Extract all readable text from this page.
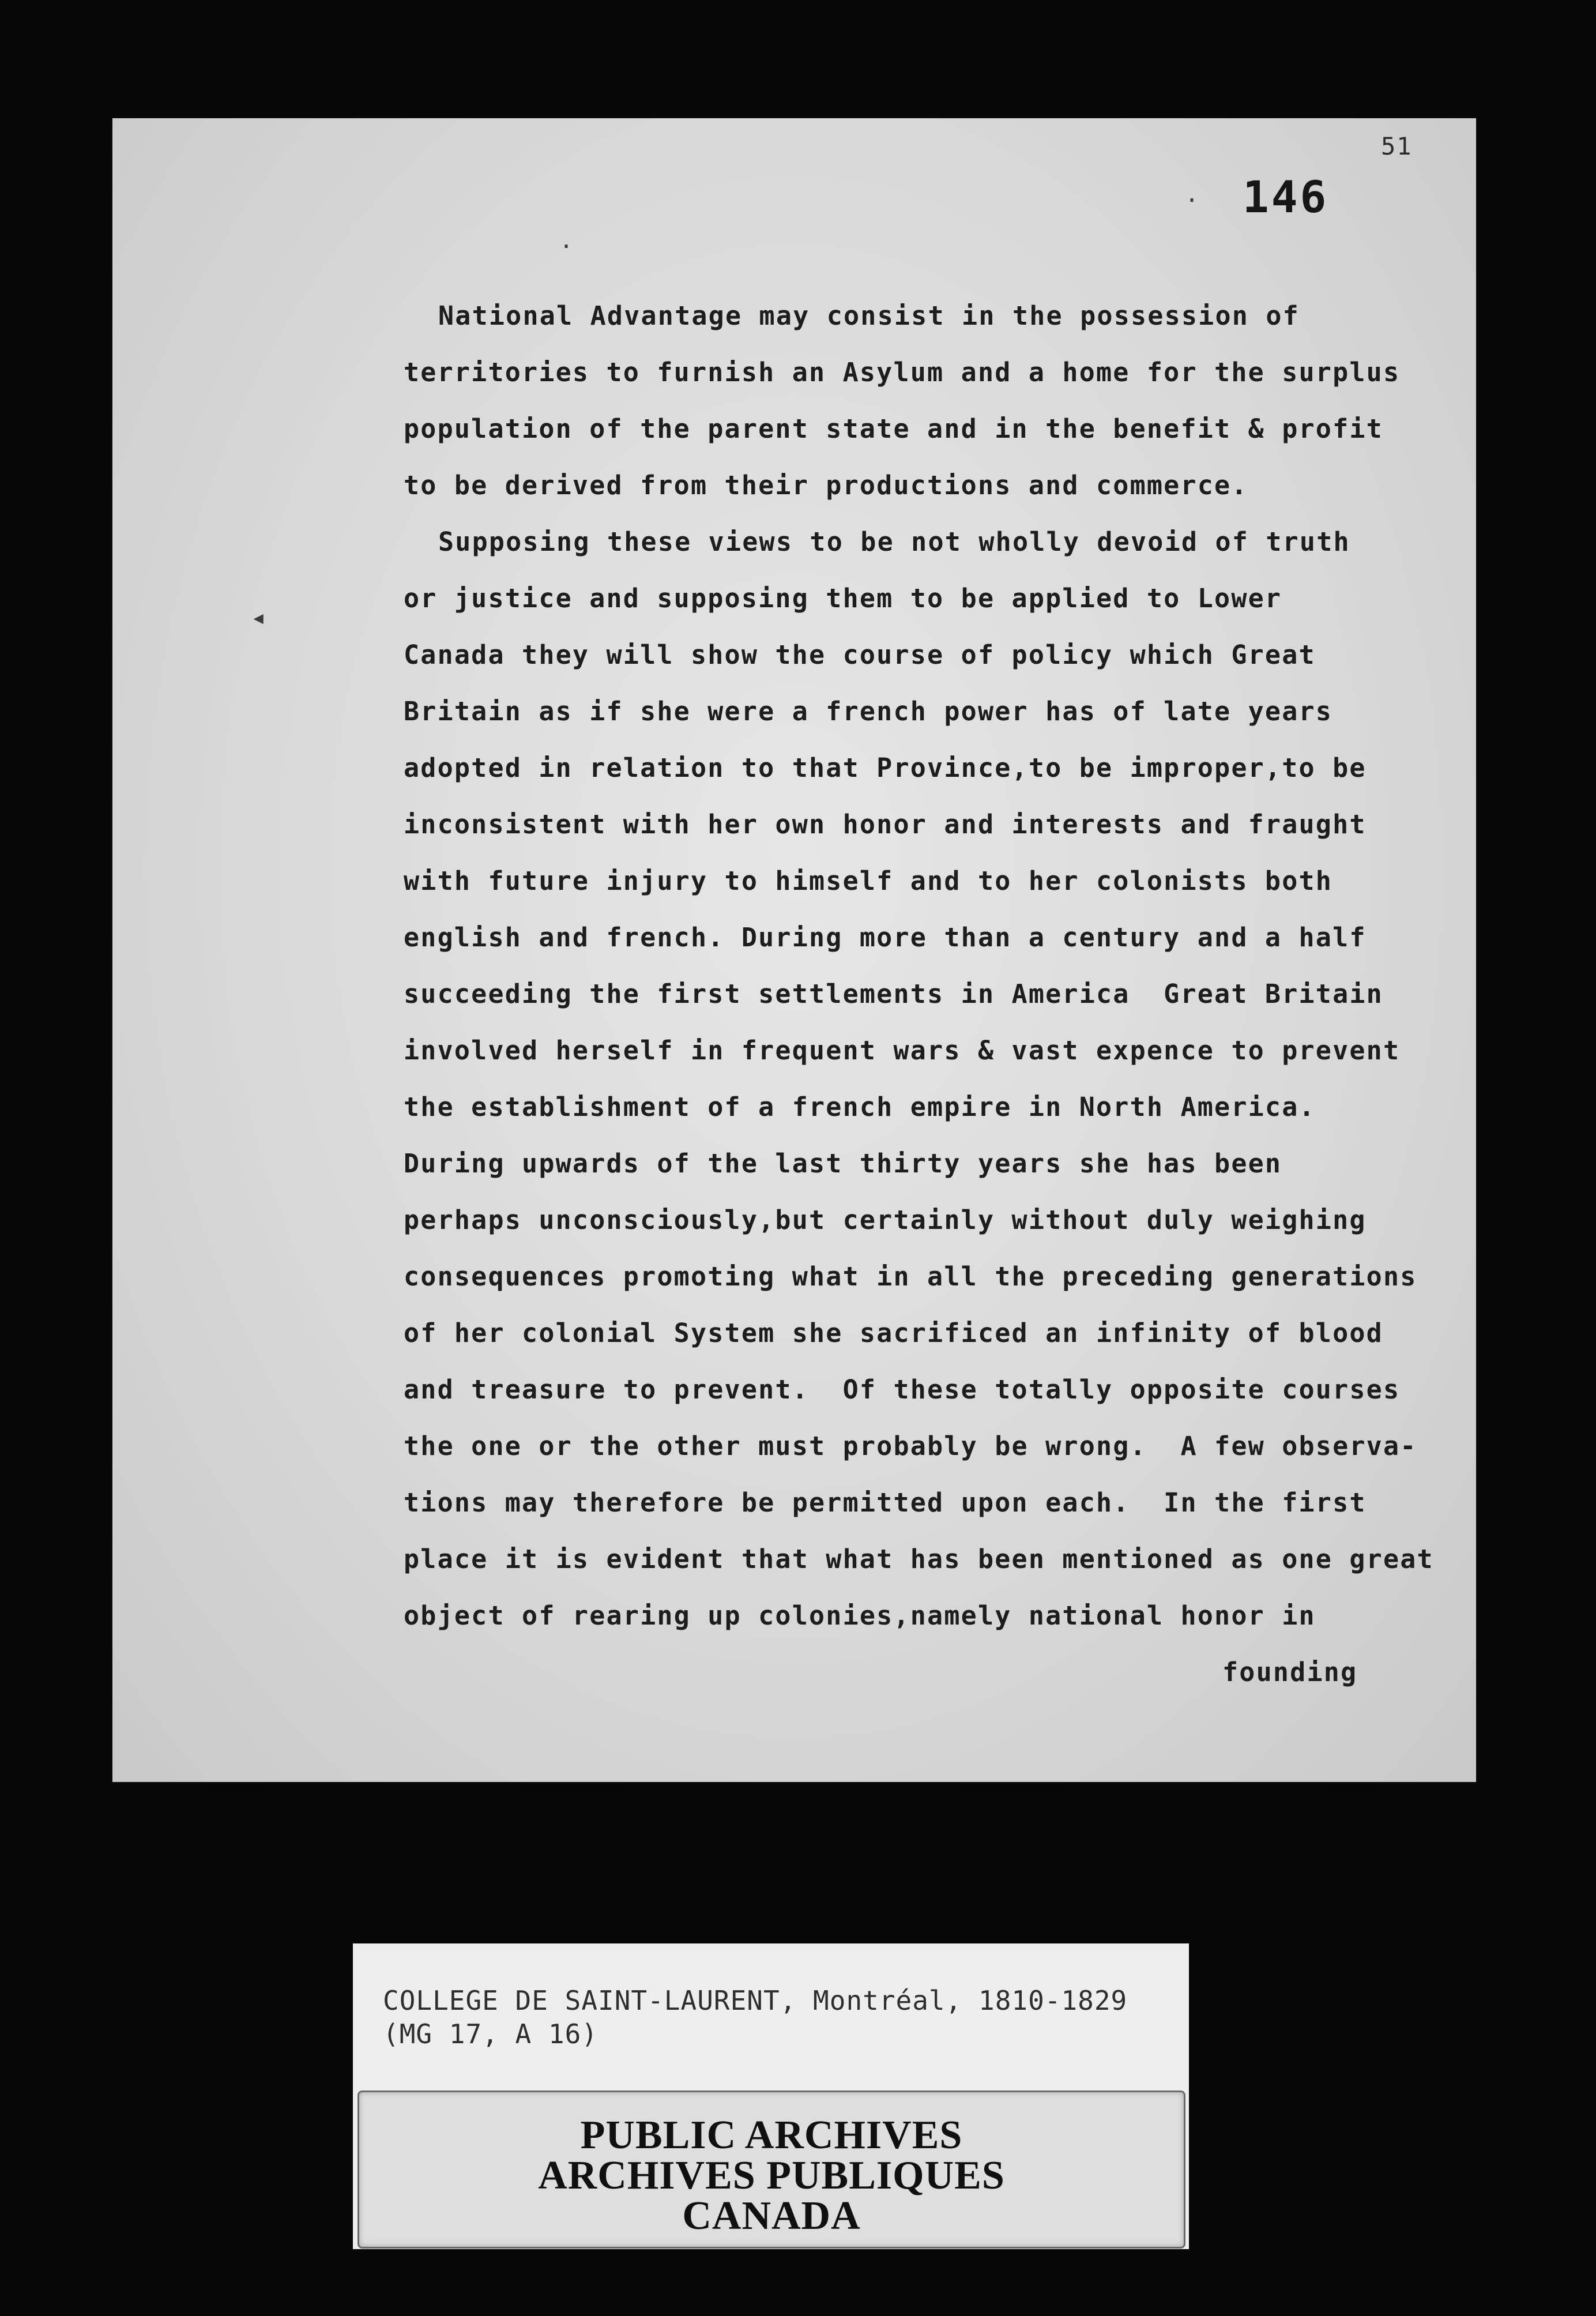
51
146
·
·
◂
National Advantage may consist in the possession of
territories to furnish an Asylum and a home for the surplus
population of the parent state and in the benefit & profit
to be derived from their productions and commerce.
Supposing these views to be not wholly devoid of truth
or justice and supposing them to be applied to Lower
Canada they will show the course of policy which Great
Britain as if she were a french power has of late years
adopted in relation to that Province,to be improper,to be
inconsistent with her own honor and interests and fraught
with future injury to himself and to her colonists both
english and french. During more than a century and a half
succeeding the first settlements in America  Great Britain
involved herself in frequent wars & vast expence to prevent
the establishment of a french empire in North America.
During upwards of the last thirty years she has been
perhaps unconsciously,but certainly without duly weighing
consequences promoting what in all the preceding generations
of her colonial System she sacrificed an infinity of blood
and treasure to prevent.  Of these totally opposite courses
the one or the other must probably be wrong.  A few observa-
tions may therefore be permitted upon each.  In the first
place it is evident that what has been mentioned as one great
object of rearing up colonies,namely national honor in
founding
COLLEGE DE SAINT-LAURENT, Montréal, 1810-1829
(MG 17, A 16)
PUBLIC ARCHIVES
ARCHIVES PUBLIQUES
CANADA
